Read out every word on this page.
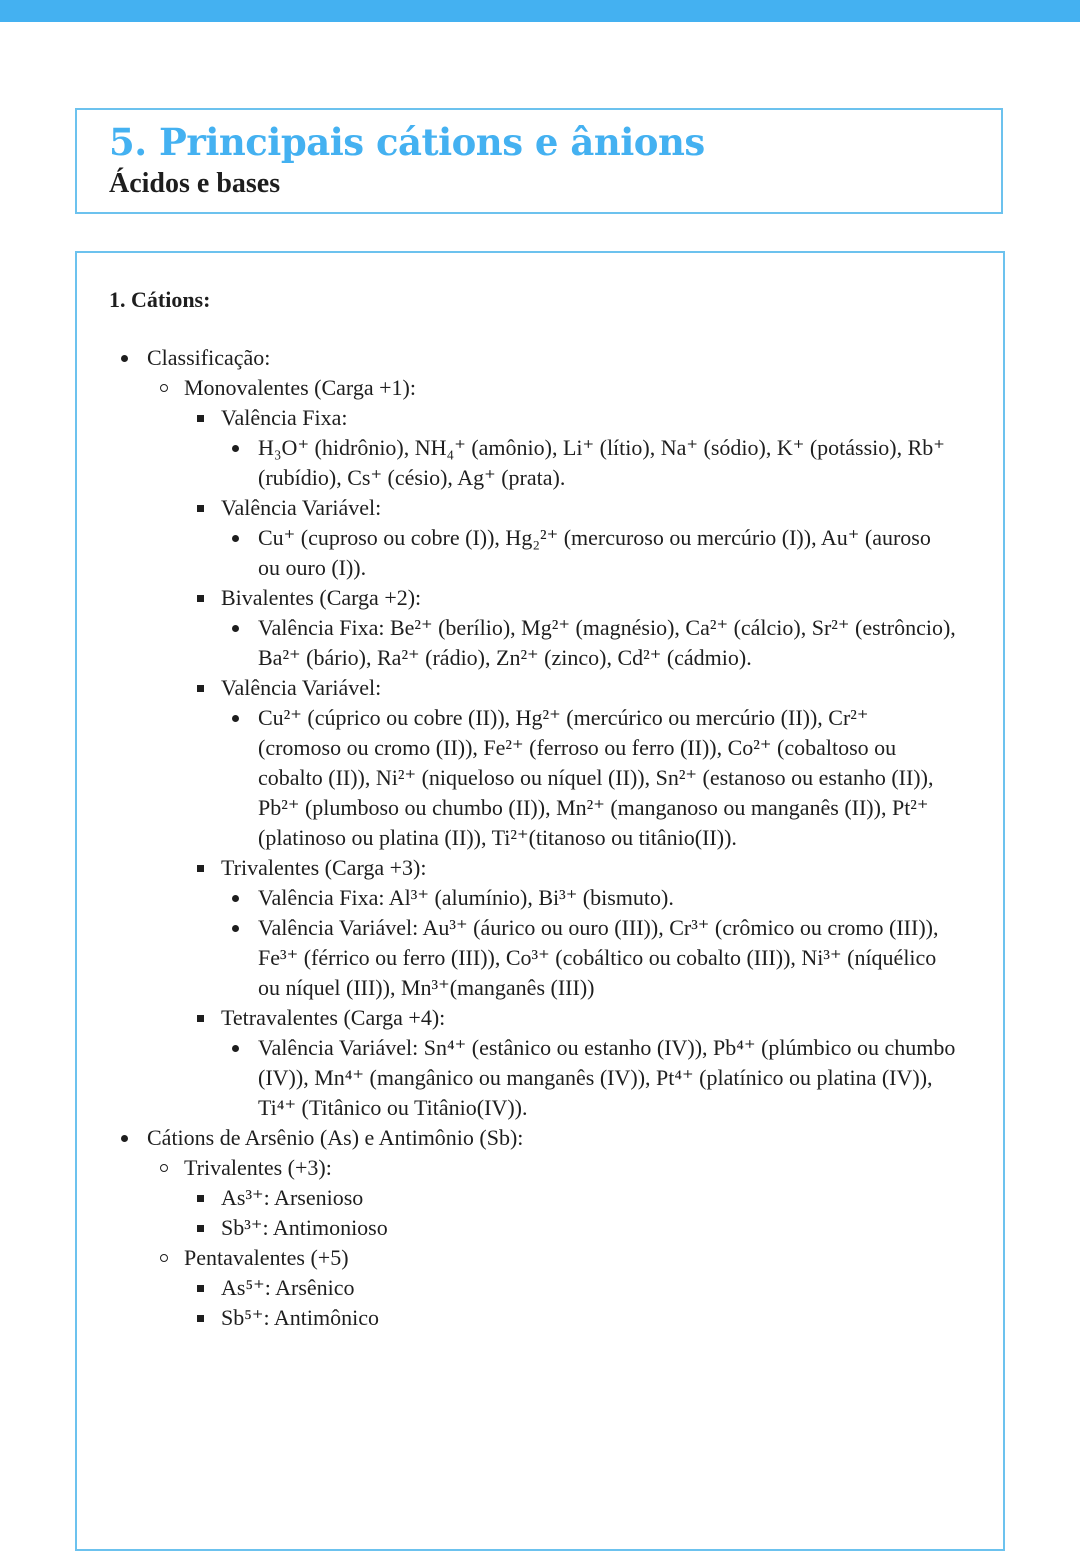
5. Principais cátions e ânions
Ácidos e bases
1. Cátions:
Classificação:
Monovalentes (Carga +1):
Valência Fixa:
H₃O⁺ (hidrônio), NH₄⁺ (amônio), Li⁺ (lítio), Na⁺ (sódio), K⁺ (potássio), Rb⁺
(rubídio), Cs⁺ (césio), Ag⁺ (prata).
Valência Variável:
Cu⁺ (cuproso ou cobre (I)), Hg₂²⁺ (mercuroso ou mercúrio (I)), Au⁺ (auroso
ou ouro (I)).
Bivalentes (Carga +2):
Valência Fixa: Be²⁺ (berílio), Mg²⁺ (magnésio), Ca²⁺ (cálcio), Sr²⁺ (estrôncio),
Ba²⁺ (bário), Ra²⁺ (rádio), Zn²⁺ (zinco), Cd²⁺ (cádmio).
Valência Variável:
Cu²⁺ (cúprico ou cobre (II)), Hg²⁺ (mercúrico ou mercúrio (II)), Cr²⁺
(cromoso ou cromo (II)), Fe²⁺ (ferroso ou ferro (II)), Co²⁺ (cobaltoso ou
cobalto (II)), Ni²⁺ (niqueloso ou níquel (II)), Sn²⁺ (estanoso ou estanho (II)),
Pb²⁺ (plumboso ou chumbo (II)), Mn²⁺ (manganoso ou manganês (II)), Pt²⁺
(platinoso ou platina (II)), Ti²⁺(titanoso ou titânio(II)).
Trivalentes (Carga +3):
Valência Fixa: Al³⁺ (alumínio), Bi³⁺ (bismuto).
Valência Variável: Au³⁺ (áurico ou ouro (III)), Cr³⁺ (crômico ou cromo (III)),
Fe³⁺ (férrico ou ferro (III)), Co³⁺ (cobáltico ou cobalto (III)), Ni³⁺ (níquélico
ou níquel (III)), Mn³⁺(manganês (III))
Tetravalentes (Carga +4):
Valência Variável: Sn⁴⁺ (estânico ou estanho (IV)), Pb⁴⁺ (plúmbico ou chumbo
(IV)), Mn⁴⁺ (mangânico ou manganês (IV)), Pt⁴⁺ (platínico ou platina (IV)),
Ti⁴⁺ (Titânico ou Titânio(IV)).
Cátions de Arsênio (As) e Antimônio (Sb):
Trivalentes (+3):
As³⁺: Arsenioso
Sb³⁺: Antimonioso
Pentavalentes (+5)
As⁵⁺: Arsênico
Sb⁵⁺: Antimônico
